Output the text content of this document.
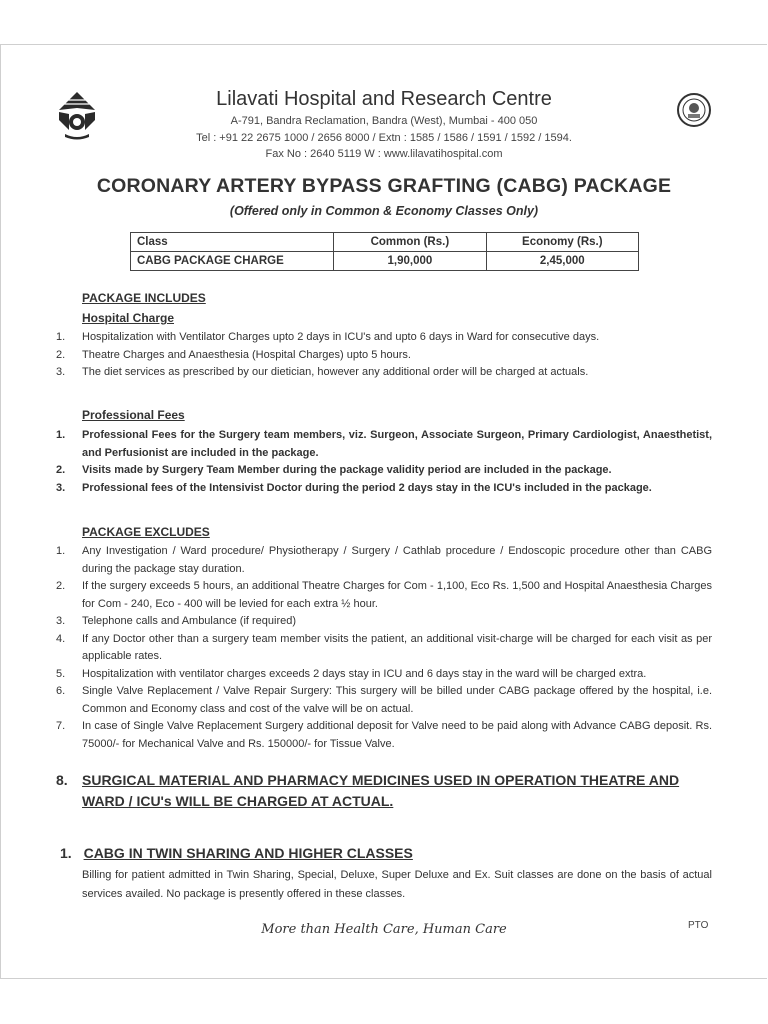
Lilavati Hospital and Research Centre
A-791, Bandra Reclamation, Bandra (West), Mumbai - 400 050
Tel : +91 22 2675 1000 / 2656 8000 / Extn : 1585 / 1586 / 1591 / 1592 / 1594.
Fax No : 2640 5119 W : www.lilavatihospital.com
CORONARY ARTERY BYPASS GRAFTING (CABG) PACKAGE
(Offered only in Common & Economy Classes Only)
Class	Common (Rs.)	Economy (Rs.)
CABG PACKAGE CHARGE	1,90,000	2,45,000
PACKAGE INCLUDES
Hospital Charge
1. Hospitalization with Ventilator Charges upto 2 days in ICU's and upto 6 days in Ward for consecutive days.
2. Theatre Charges and Anaesthesia (Hospital Charges) upto 5 hours.
3. The diet services as prescribed by our dietician, however any additional order will be charged at actuals.
Professional Fees
1. Professional Fees for the Surgery team members, viz. Surgeon, Associate Surgeon, Primary Cardiologist, Anaesthetist, and Perfusionist are included in the package.
2. Visits made by Surgery Team Member during the package validity period are included in the package.
3. Professional fees of the Intensivist Doctor during the period 2 days stay in the ICU's included in the package.
PACKAGE EXCLUDES
1. Any Investigation / Ward procedure/ Physiotherapy / Surgery / Cathlab procedure / Endoscopic procedure other than CABG during the package stay duration.
2. If the surgery exceeds 5 hours, an additional Theatre Charges for Com - 1,100, Eco Rs. 1,500 and Hospital Anaesthesia Charges for Com - 240, Eco - 400 will be levied for each extra ½ hour.
3. Telephone calls and Ambulance (if required)
4. If any Doctor other than a surgery team member visits the patient, an additional visit-charge will be charged for each visit as per applicable rates.
5. Hospitalization with ventilator charges exceeds 2 days stay in ICU and 6 days stay in the ward will be charged extra.
6. Single Valve Replacement / Valve Repair Surgery: This surgery will be billed under CABG package offered by the hospital, i.e. Common and Economy class and cost of the valve will be on actual.
7. In case of Single Valve Replacement Surgery additional deposit for Valve need to be paid along with Advance CABG deposit. Rs. 75000/- for Mechanical Valve and Rs. 150000/- for Tissue Valve.
8.	SURGICAL MATERIAL AND PHARMACY MEDICINES USED IN OPERATION THEATRE AND WARD / ICU's WILL BE CHARGED AT ACTUAL.
1. CABG IN TWIN SHARING AND HIGHER CLASSES
Billing for patient admitted in Twin Sharing, Special, Deluxe, Super Deluxe and Ex. Suit classes are done on the basis of actual services availed. No package is presently offered in these classes.
More than Health Care, Human Care	PTO
